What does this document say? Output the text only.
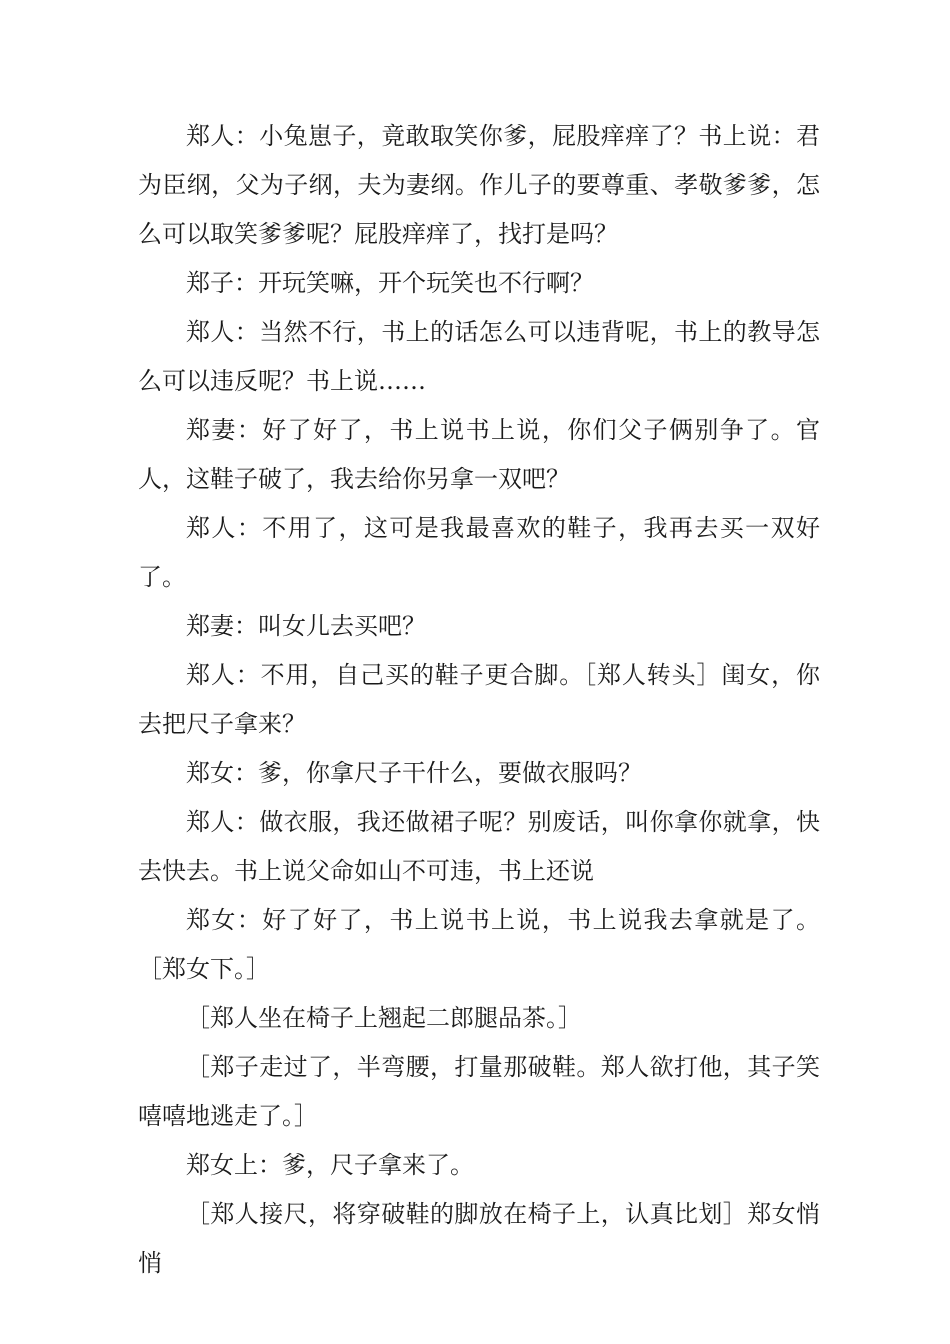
郑人：小兔崽子，竟敢取笑你爹，屁股痒痒了？书上说：君为臣纲，父为子纲，夫为妻纲。作儿子的要尊重、孝敬爹爹，怎么可以取笑爹爹呢？屁股痒痒了，找打是吗？

郑子：开玩笑嘛，开个玩笑也不行啊？

郑人：当然不行，书上的话怎么可以违背呢，书上的教导怎么可以违反呢？书上说……

郑妻：好了好了，书上说书上说，你们父子俩别争了。官人，这鞋子破了，我去给你另拿一双吧？

郑人：不用了，这可是我最喜欢的鞋子，我再去买一双好了。

郑妻：叫女儿去买吧？

郑人：不用，自己买的鞋子更合脚。［郑人转头］闺女，你去把尺子拿来？

郑女：爹，你拿尺子干什么，要做衣服吗？

郑人：做衣服，我还做裙子呢？别废话，叫你拿你就拿，快去快去。书上说父命如山不可违，书上还说

郑女：好了好了，书上说书上说，书上说我去拿就是了。［郑女下。］

［郑人坐在椅子上翘起二郎腿品茶。］

［郑子走过了，半弯腰，打量那破鞋。郑人欲打他，其子笑嘻嘻地逃走了。］

郑女上：爹，尺子拿来了。

［郑人接尺，将穿破鞋的脚放在椅子上，认真比划］郑女悄悄
